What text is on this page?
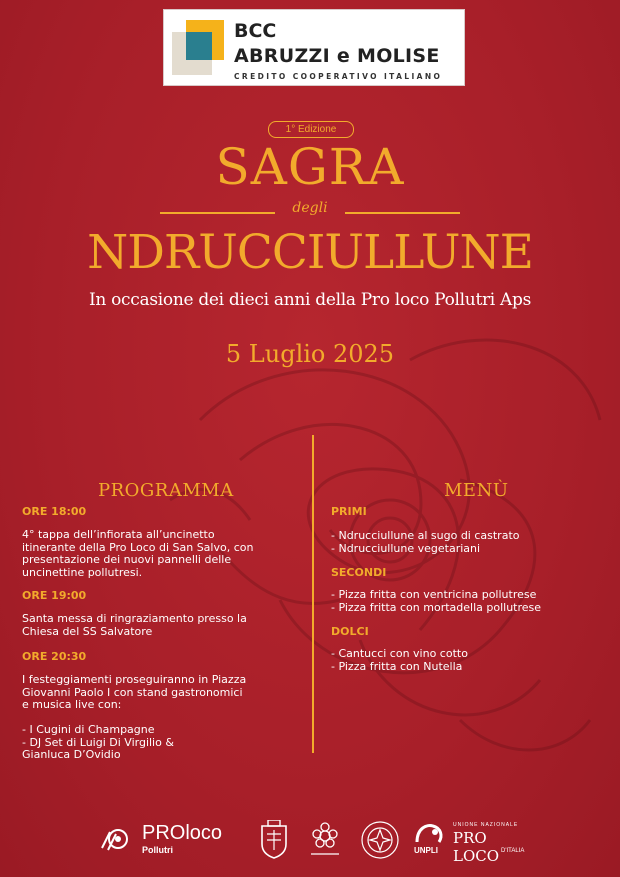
BCC
ABRUZZI e MOLISE
CREDITO COOPERATIVO ITALIANO
1° Edizione
SAGRA
degli
NDRUCCIULLUNE
In occasione dei dieci anni della Pro loco Pollutri Aps
5 Luglio 2025
PROGRAMMA
ORE 18:00
4° tappa dell’infiorata all’uncinetto
itinerante della Pro Loco di San Salvo, con
presentazione dei nuovi pannelli delle
uncinettine pollutresi.
ORE 19:00
Santa messa di ringraziamento presso la
Chiesa del SS Salvatore
ORE 20:30
I festeggiamenti proseguiranno in Piazza
Giovanni Paolo I con stand gastronomici
e musica live con:

- I Cugini di Champagne
- DJ Set di Luigi Di Virgilio &
Gianluca D’Ovidio
MENÙ
PRIMI
- Ndrucciullune al sugo di castrato
- Ndrucciullune vegetariani
SECONDI
- Pizza fritta con ventricina pollutrese
- Pizza fritta con mortadella pollutrese
DOLCI
- Cantucci con vino cotto
- Pizza fritta con Nutella
PROloco
Pollutri	UNPLI
UNIONE NAZIONALE
PRO LOCO D'ITALIA
